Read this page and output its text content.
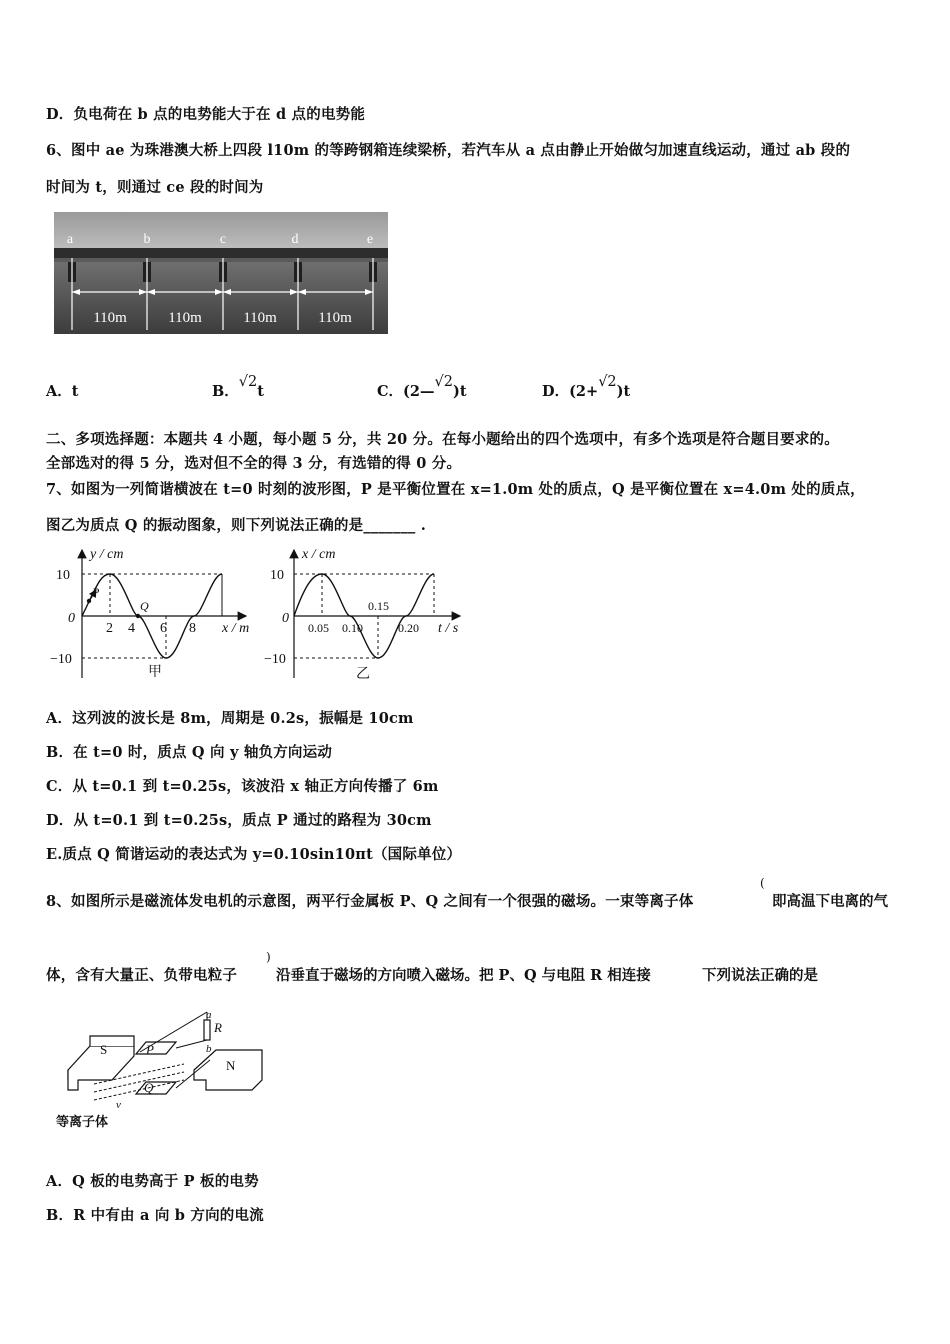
D．负电荷在 b 点的电势能大于在 d 点的电势能
6、图中 ae 为珠港澳大桥上四段 l10m 的等跨钢箱连续梁桥，若汽车从 a 点由静止开始做匀加速直线运动，通过 ab 段的
时间为 t，则通过 ce 段的时间为
a	b	c	d	e
110m	110m	110m	110m
A．t	B．√2t	C．(2—√2)t	D．(2+√2)t
二、多项选择题：本题共 4 小题，每小题 5 分，共 20 分。在每小题给出的四个选项中，有多个选项是符合题目要求的。
全部选对的得 5 分，选对但不全的得 3 分，有选错的得 0 分。
7、如图为一列简谐横波在 t=0 时刻的波形图，P 是平衡位置在 x=1.0m 处的质点，Q 是平衡位置在 x=4.0m 处的质点，
图乙为质点 Q 的振动图象，则下列说法正确的是_______ .
y / cm
x / m
10
0
−10
2 4 6 8
P
Q
甲
x / cm
t / s
10
0
−10
0.05 0.10
0.15
0.20
乙
A．这列波的波长是 8m，周期是 0.2s，振幅是 10cm
B．在 t=0 时，质点 Q 向 y 轴负方向运动
C．从 t=0.1 到 t=0.25s，该波沿 x 轴正方向传播了 6m
D．从 t=0.1 到 t=0.25s，质点 P 通过的路程为 30cm
E.质点 Q 简谐运动的表达式为 y=0.10sin10πt（国际单位）
8、如图所示是磁流体发电机的示意图，两平行金属板 P、Q 之间有一个很强的磁场。一束等离子体
(
即高温下电离的气
体，含有大量正、负带电粒子
)
沿垂直于磁场的方向喷入磁场。把 P、Q 与电阻 R 相连接	下列说法正确的是
S	P
Q
N
R
a
b
v
等离子体
A．Q 板的电势高于 P 板的电势
B．R 中有由 a 向 b 方向的电流
